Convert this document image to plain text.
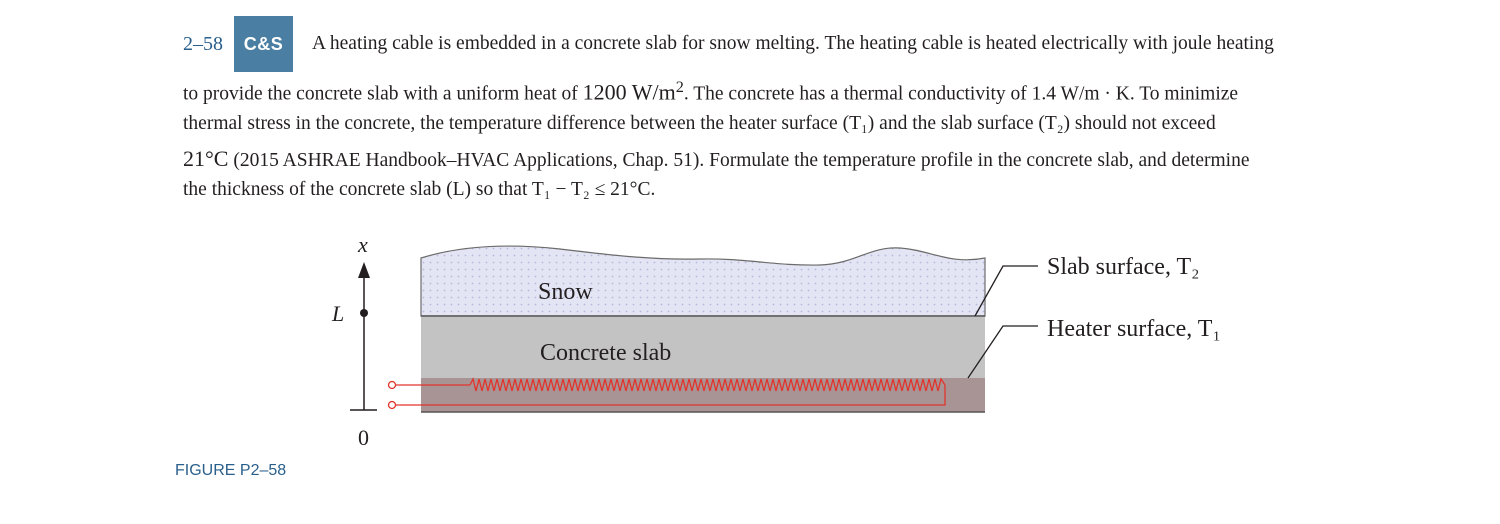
2–58	C&S	A heating cable is embedded in a concrete slab for snow melting. The heating cable is heated electrically with joule heating
to provide the concrete slab with a uniform heat of 1200 $W/m^2$. The concrete has a thermal conductivity of 1.4 W/m · K. To minimize
thermal stress in the concrete, the temperature difference between the heater surface (T₁) and the slab surface (T₂) should not exceed
21°C (2015 ASHRAE Handbook–HVAC Applications, Chap. 51). Formulate the temperature profile in the concrete slab, and determine
the thickness of the concrete slab (L) so that T₁ − T₂ ≤ 21°C.
x
L
0
Snow
Concrete slab
Slab surface, T₂
Heater surface, T₁
FIGURE P2–58
